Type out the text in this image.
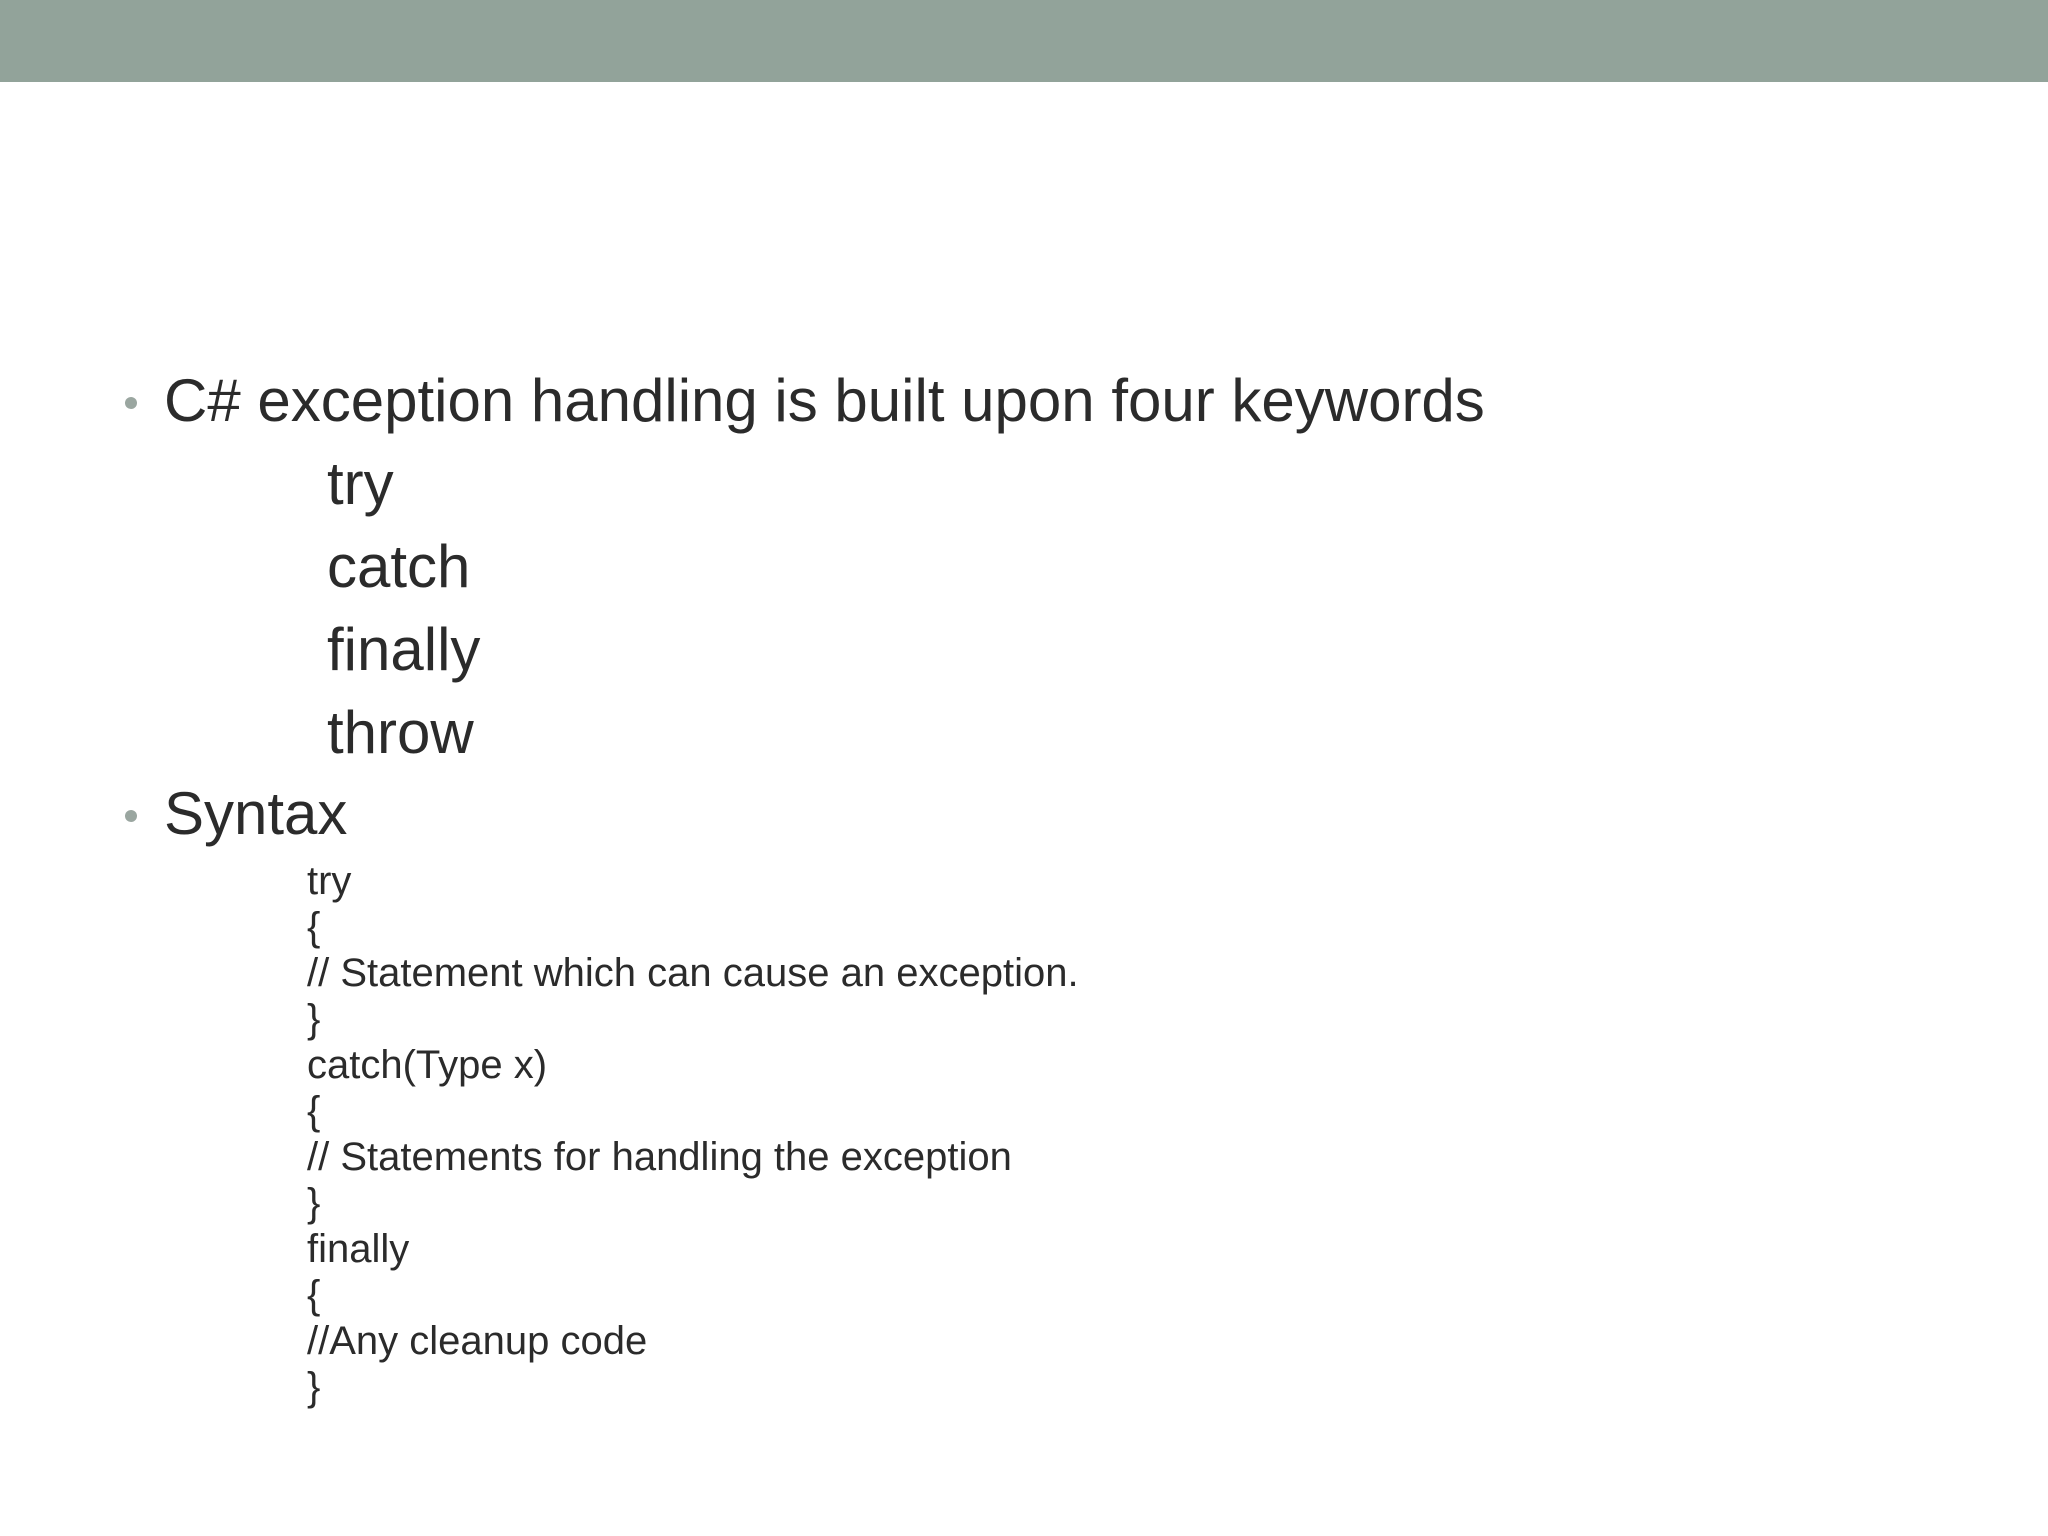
C# exception handling is built upon four keywords
try
catch
finally
throw
Syntax
try
{
// Statement which can cause an exception.
}
catch(Type x)
{
// Statements for handling the exception
}
finally
{
//Any cleanup code
}
